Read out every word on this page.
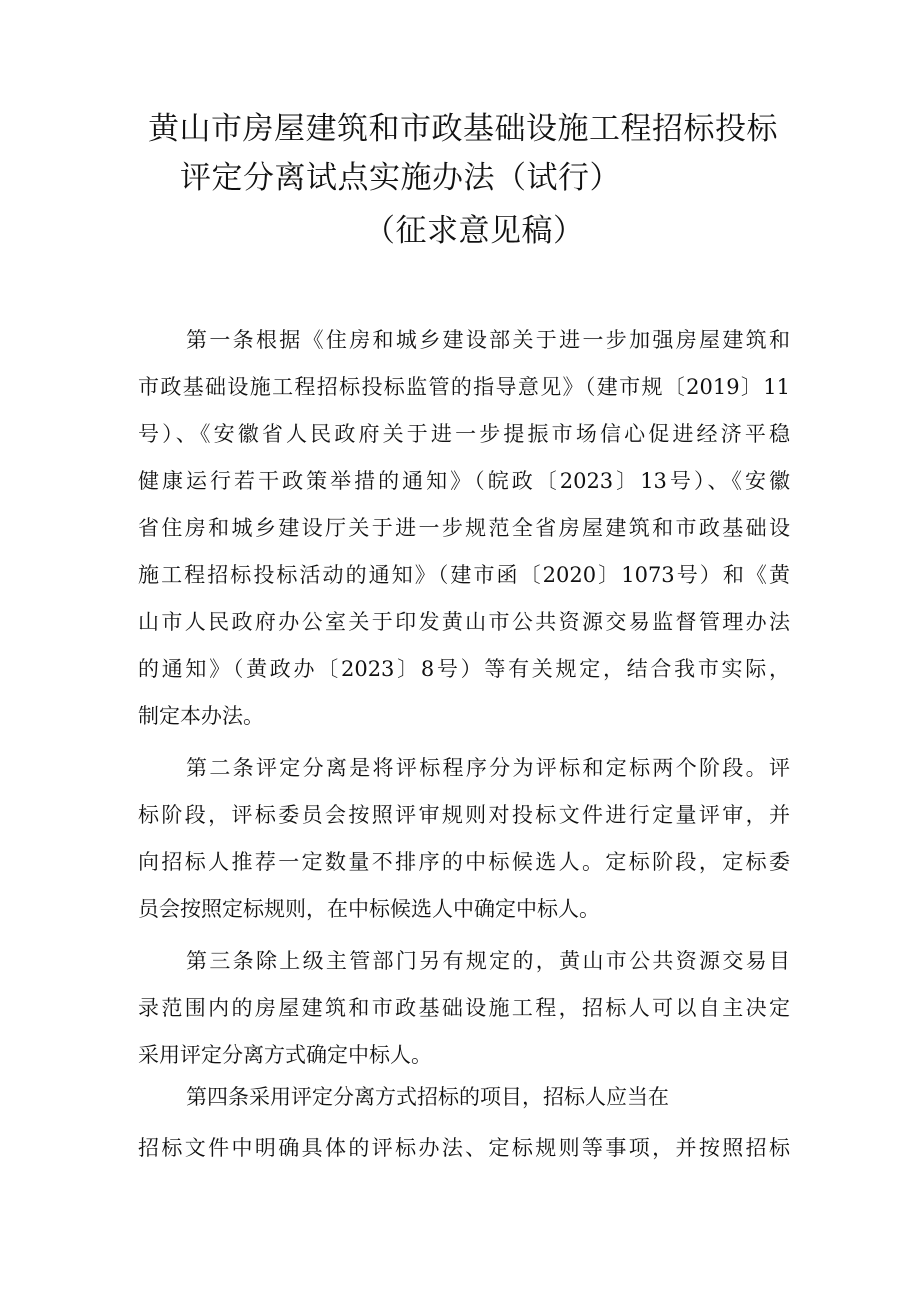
黄山市房屋建筑和市政基础设施工程招标投标
评定分离试点实施办法（试行）
（征求意见稿）
第一条根据《住房和城乡建设部关于进一步加强房屋建筑和
市政基础设施工程招标投标监管的指导意见》（建市规〔2019〕11
号）、《安徽省人民政府关于进一步提振市场信心促进经济平稳
健康运行若干政策举措的通知》（皖政〔2023〕13号）、《安徽
省住房和城乡建设厅关于进一步规范全省房屋建筑和市政基础设
施工程招标投标活动的通知》（建市函〔2020〕1073号）和《黄
山市人民政府办公室关于印发黄山市公共资源交易监督管理办法
的通知》（黄政办〔2023〕8号）等有关规定，结合我市实际，
制定本办法。
第二条评定分离是将评标程序分为评标和定标两个阶段。评
标阶段，评标委员会按照评审规则对投标文件进行定量评审，并
向招标人推荐一定数量不排序的中标候选人。定标阶段，定标委
员会按照定标规则，在中标候选人中确定中标人。
第三条除上级主管部门另有规定的，黄山市公共资源交易目
录范围内的房屋建筑和市政基础设施工程，招标人可以自主决定
采用评定分离方式确定中标人。
第四条采用评定分离方式招标的项目，招标人应当在
招标文件中明确具体的评标办法、定标规则等事项，并按照招标
